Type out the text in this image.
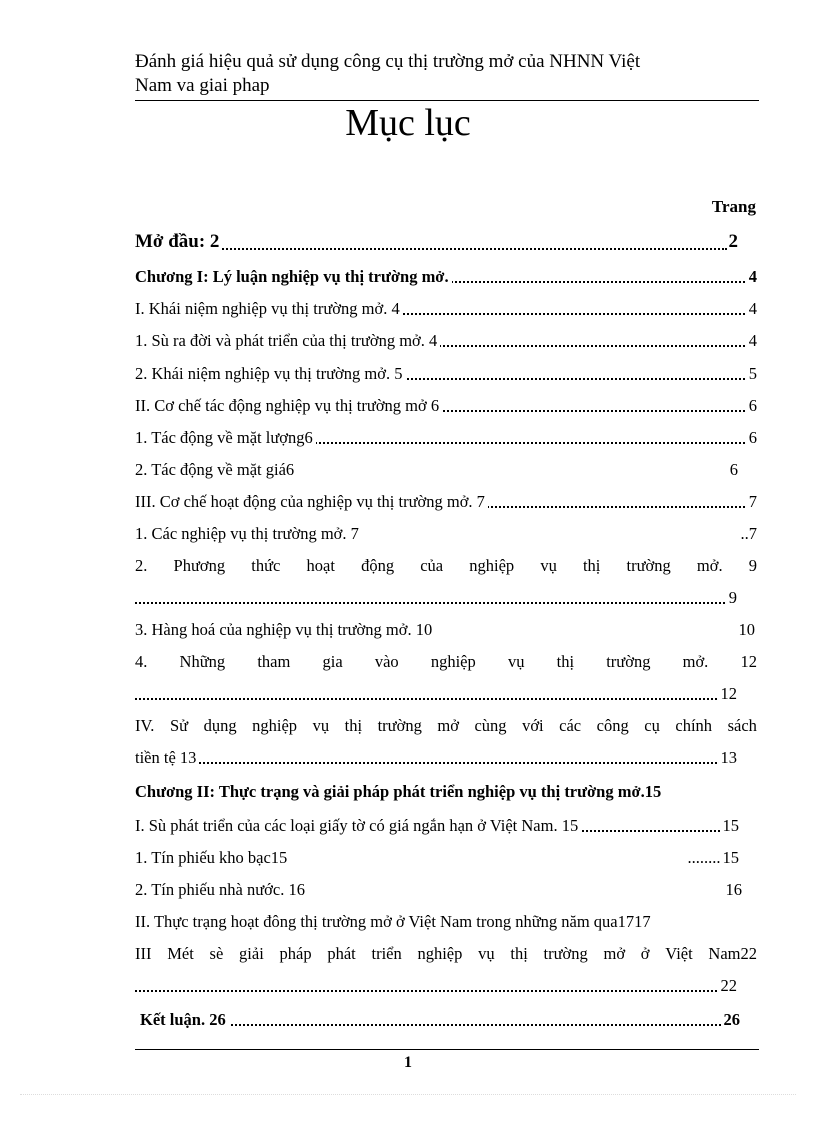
Đánh giá hiệu quả sử dụng công cụ thị trường mở của NHNN Việt
Nam va giai phap
Mục lục
Trang
Mở đầu: 2	2
Chương I: Lý luận nghiệp vụ thị trường mở.	4
I. Khái niệm nghiệp vụ thị trường mở. 4	4
1. Sù ra đời và phát triển của thị trường mở. 4	4
2. Khái niệm nghiệp vụ thị trường mở. 5	5
II. Cơ chế tác động nghiệp vụ thị trường mở 6	6
1. Tác động về mặt lượng6	6
2. Tác động về mặt giá6	6
III. Cơ chế hoạt động của nghiệp vụ thị trường mở. 7	7
1. Các nghiệp vụ thị trường mở. 7	..7
2. Phương thức hoạt động của nghiệp vụ thị trường mở. 9
9
3. Hàng hoá của nghiệp vụ thị trường mở. 10	10
4. Những tham gia vào nghiệp vụ thị trường mở. 12
12
IV. Sử dụng nghiệp vụ thị trường mở cùng với các công cụ chính sách
tiền tệ 13	13
Chương II: Thực trạng và giải pháp phát triển nghiệp vụ thị trường mở. 15
I. Sù phát triển của các loại giấy tờ có giá ngắn hạn ở Việt Nam. 15	15
1. Tín phiếu kho bạc15	15
........
2. Tín phiếu nhà nước. 16	16
II. Thực trạng hoạt đông thị trường mở ở Việt Nam trong những năm qua17 17
III Mét sè giải pháp phát triển nghiệp vụ thị trường mở ở Việt Nam22
22
Kết luận. 26	26
1
